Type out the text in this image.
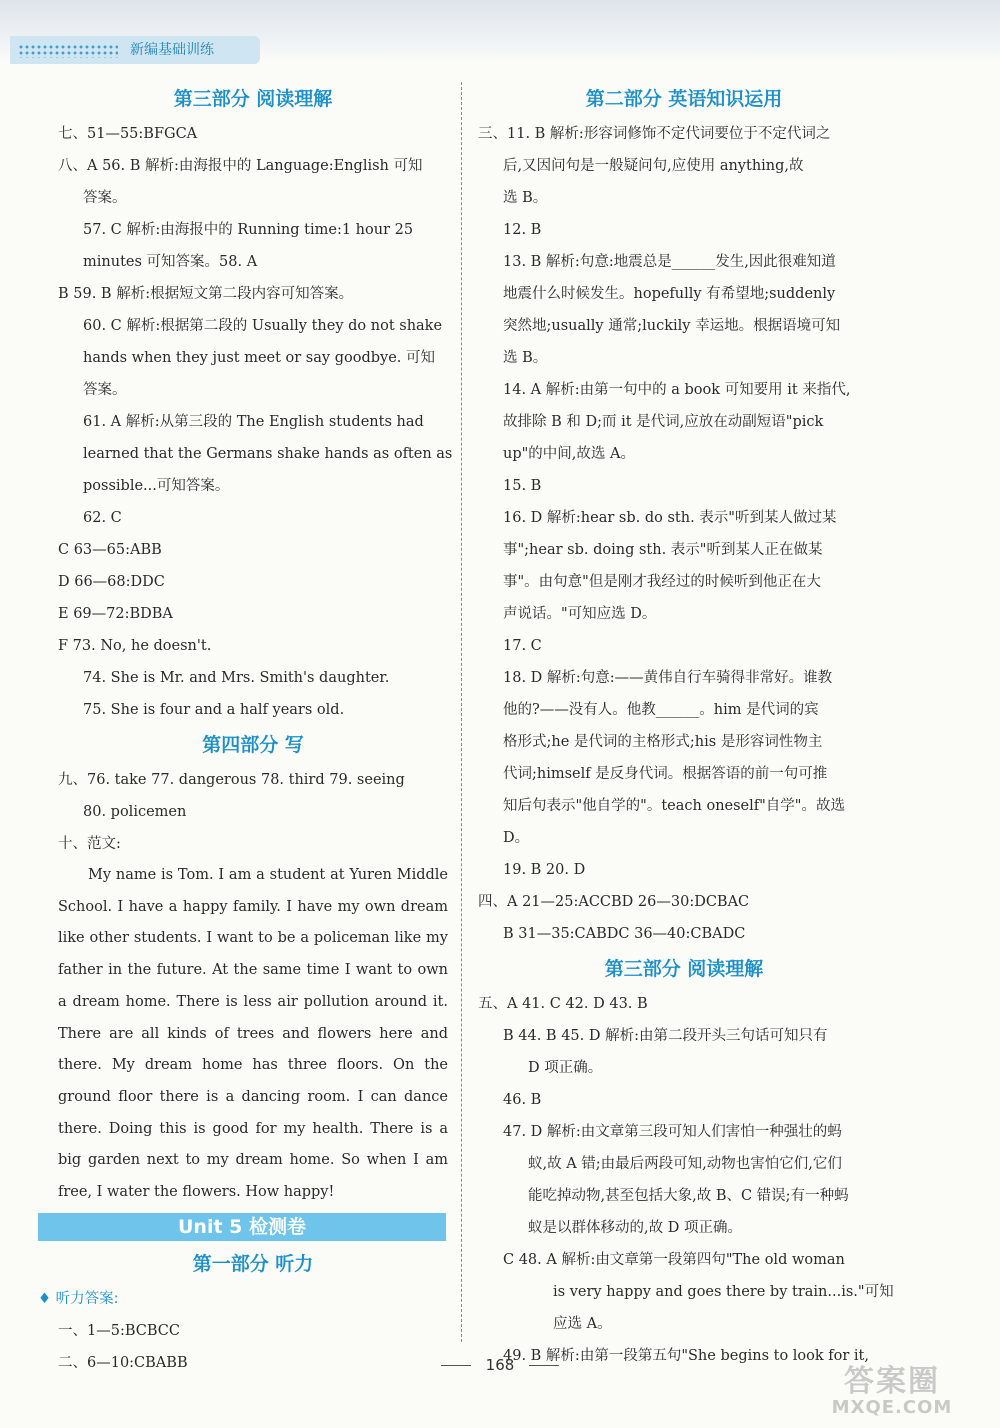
新编基础训练
第三部分 阅读理解
七、51—55:BFGCA
八、A 56. B 解析:由海报中的 Language:English 可知
答案。
57. C 解析:由海报中的 Running time:1 hour 25
minutes 可知答案。58. A
B 59. B 解析:根据短文第二段内容可知答案。
60. C 解析:根据第二段的 Usually they do not shake
hands when they just meet or say goodbye. 可知
答案。
61. A 解析:从第三段的 The English students had
learned that the Germans shake hands as often as
possible...可知答案。
62. C
C 63—65:ABB
D 66—68:DDC
E 69—72:BDBA
F 73. No, he doesn't.
74. She is Mr. and Mrs. Smith's daughter.
75. She is four and a half years old.
第四部分 写
九、76. take 77. dangerous 78. third 79. seeing
80. policemen
十、范文:
My name is Tom. I am a student at Yuren Middle School. I have a happy family. I have my own dream like other students. I want to be a policeman like my father in the future. At the same time I want to own a dream home. There is less air pollution around it. There are all kinds of trees and flowers here and there. My dream home has three floors. On the ground floor there is a dancing room. I can dance there. Doing this is good for my health. There is a big garden next to my dream home. So when I am free, I water the flowers. How happy!
Unit 5 检测卷
第一部分 听力
♦ 听力答案:
一、1—5:BCBCC
二、6—10:CBABB
第二部分 英语知识运用
三、11. B 解析:形容词修饰不定代词要位于不定代词之
后,又因问句是一般疑问句,应使用 anything,故
选 B。
12. B
13. B 解析:句意:地震总是______发生,因此很难知道
地震什么时候发生。hopefully 有希望地;suddenly
突然地;usually 通常;luckily 幸运地。根据语境可知
选 B。
14. A 解析:由第一句中的 a book 可知要用 it 来指代,
故排除 B 和 D;而 it 是代词,应放在动副短语"pick
up"的中间,故选 A。
15. B
16. D 解析:hear sb. do sth. 表示"听到某人做过某
事";hear sb. doing sth. 表示"听到某人正在做某
事"。由句意"但是刚才我经过的时候听到他正在大
声说话。"可知应选 D。
17. C
18. D 解析:句意:——黄伟自行车骑得非常好。谁教
他的?——没有人。他教______。him 是代词的宾
格形式;he 是代词的主格形式;his 是形容词性物主
代词;himself 是反身代词。根据答语的前一句可推
知后句表示"他自学的"。teach oneself"自学"。故选
D。
19. B 20. D
四、A 21—25:ACCBD 26—30:DCBAC
B 31—35:CABDC 36—40:CBADC
第三部分 阅读理解
五、A 41. C 42. D 43. B
B 44. B 45. D 解析:由第二段开头三句话可知只有
D 项正确。
46. B
47. D 解析:由文章第三段可知人们害怕一种强壮的蚂
蚁,故 A 错;由最后两段可知,动物也害怕它们,它们
能吃掉动物,甚至包括大象,故 B、C 错误;有一种蚂
蚁是以群体移动的,故 D 项正确。
C 48. A 解析:由文章第一段第四句"The old woman
is very happy and goes there by train...is."可知
应选 A。
49. B 解析:由第一段第五句"She begins to look for it,
168	答案圈
MXQE.COM
